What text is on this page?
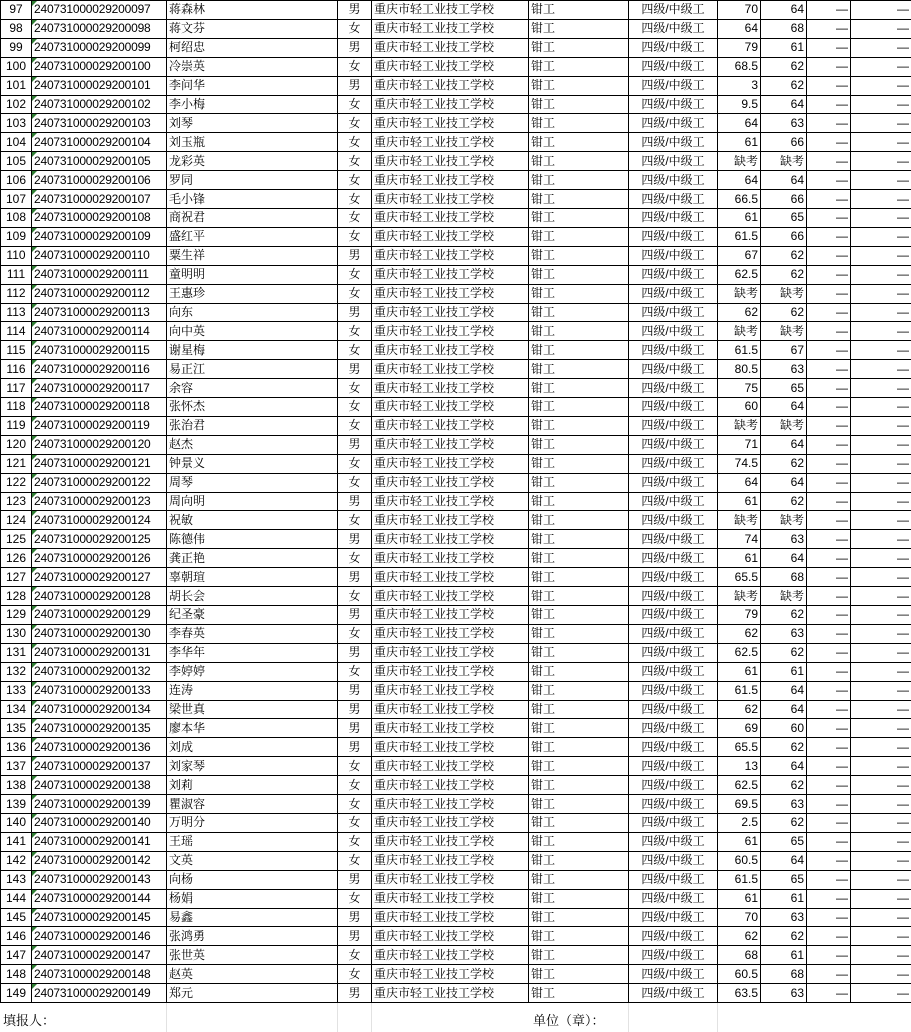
97	240731000029200097	蒋森林	男	重庆市轻工业技工学校	钳工	四级/中级工	70	64	—	—
98	240731000029200098	蒋文芬	女	重庆市轻工业技工学校	钳工	四级/中级工	64	68	—	—
99	240731000029200099	柯绍忠	男	重庆市轻工业技工学校	钳工	四级/中级工	79	61	—	—
100	240731000029200100	冷崇英	女	重庆市轻工业技工学校	钳工	四级/中级工	68.5	62	—	—
101	240731000029200101	李问华	男	重庆市轻工业技工学校	钳工	四级/中级工	3	62	—	—
102	240731000029200102	李小梅	女	重庆市轻工业技工学校	钳工	四级/中级工	9.5	64	—	—
103	240731000029200103	刘琴	女	重庆市轻工业技工学校	钳工	四级/中级工	64	63	—	—
104	240731000029200104	刘玉瓶	女	重庆市轻工业技工学校	钳工	四级/中级工	61	66	—	—
105	240731000029200105	龙彩英	女	重庆市轻工业技工学校	钳工	四级/中级工	缺考	缺考	—	—
106	240731000029200106	罗同	女	重庆市轻工业技工学校	钳工	四级/中级工	64	64	—	—
107	240731000029200107	毛小锋	女	重庆市轻工业技工学校	钳工	四级/中级工	66.5	66	—	—
108	240731000029200108	商祝君	女	重庆市轻工业技工学校	钳工	四级/中级工	61	65	—	—
109	240731000029200109	盛红平	女	重庆市轻工业技工学校	钳工	四级/中级工	61.5	66	—	—
110	240731000029200110	粟生祥	男	重庆市轻工业技工学校	钳工	四级/中级工	67	62	—	—
111	240731000029200111	童明明	女	重庆市轻工业技工学校	钳工	四级/中级工	62.5	62	—	—
112	240731000029200112	王惠珍	女	重庆市轻工业技工学校	钳工	四级/中级工	缺考	缺考	—	—
113	240731000029200113	向东	男	重庆市轻工业技工学校	钳工	四级/中级工	62	62	—	—
114	240731000029200114	向中英	女	重庆市轻工业技工学校	钳工	四级/中级工	缺考	缺考	—	—
115	240731000029200115	谢星梅	女	重庆市轻工业技工学校	钳工	四级/中级工	61.5	67	—	—
116	240731000029200116	易正江	男	重庆市轻工业技工学校	钳工	四级/中级工	80.5	63	—	—
117	240731000029200117	余容	女	重庆市轻工业技工学校	钳工	四级/中级工	75	65	—	—
118	240731000029200118	张怀杰	女	重庆市轻工业技工学校	钳工	四级/中级工	60	64	—	—
119	240731000029200119	张治君	女	重庆市轻工业技工学校	钳工	四级/中级工	缺考	缺考	—	—
120	240731000029200120	赵杰	男	重庆市轻工业技工学校	钳工	四级/中级工	71	64	—	—
121	240731000029200121	钟景义	女	重庆市轻工业技工学校	钳工	四级/中级工	74.5	62	—	—
122	240731000029200122	周琴	女	重庆市轻工业技工学校	钳工	四级/中级工	64	64	—	—
123	240731000029200123	周向明	男	重庆市轻工业技工学校	钳工	四级/中级工	61	62	—	—
124	240731000029200124	祝敏	女	重庆市轻工业技工学校	钳工	四级/中级工	缺考	缺考	—	—
125	240731000029200125	陈德伟	男	重庆市轻工业技工学校	钳工	四级/中级工	74	63	—	—
126	240731000029200126	龚正艳	女	重庆市轻工业技工学校	钳工	四级/中级工	61	64	—	—
127	240731000029200127	辜朝瑄	男	重庆市轻工业技工学校	钳工	四级/中级工	65.5	68	—	—
128	240731000029200128	胡长会	女	重庆市轻工业技工学校	钳工	四级/中级工	缺考	缺考	—	—
129	240731000029200129	纪圣豪	男	重庆市轻工业技工学校	钳工	四级/中级工	79	62	—	—
130	240731000029200130	李春英	女	重庆市轻工业技工学校	钳工	四级/中级工	62	63	—	—
131	240731000029200131	李华年	男	重庆市轻工业技工学校	钳工	四级/中级工	62.5	62	—	—
132	240731000029200132	李婷婷	女	重庆市轻工业技工学校	钳工	四级/中级工	61	61	—	—
133	240731000029200133	连涛	男	重庆市轻工业技工学校	钳工	四级/中级工	61.5	64	—	—
134	240731000029200134	梁世真	男	重庆市轻工业技工学校	钳工	四级/中级工	62	64	—	—
135	240731000029200135	廖本华	男	重庆市轻工业技工学校	钳工	四级/中级工	69	60	—	—
136	240731000029200136	刘成	男	重庆市轻工业技工学校	钳工	四级/中级工	65.5	62	—	—
137	240731000029200137	刘家琴	女	重庆市轻工业技工学校	钳工	四级/中级工	13	64	—	—
138	240731000029200138	刘莉	女	重庆市轻工业技工学校	钳工	四级/中级工	62.5	62	—	—
139	240731000029200139	瞿淑容	女	重庆市轻工业技工学校	钳工	四级/中级工	69.5	63	—	—
140	240731000029200140	万明分	女	重庆市轻工业技工学校	钳工	四级/中级工	2.5	62	—	—
141	240731000029200141	王瑶	女	重庆市轻工业技工学校	钳工	四级/中级工	61	65	—	—
142	240731000029200142	文英	女	重庆市轻工业技工学校	钳工	四级/中级工	60.5	64	—	—
143	240731000029200143	向杨	男	重庆市轻工业技工学校	钳工	四级/中级工	61.5	65	—	—
144	240731000029200144	杨娟	女	重庆市轻工业技工学校	钳工	四级/中级工	61	61	—	—
145	240731000029200145	易鑫	男	重庆市轻工业技工学校	钳工	四级/中级工	70	63	—	—
146	240731000029200146	张鸿勇	男	重庆市轻工业技工学校	钳工	四级/中级工	62	62	—	—
147	240731000029200147	张世英	女	重庆市轻工业技工学校	钳工	四级/中级工	68	61	—	—
148	240731000029200148	赵英	女	重庆市轻工业技工学校	钳工	四级/中级工	60.5	68	—	—
149	240731000029200149	郑元	男	重庆市轻工业技工学校	钳工	四级/中级工	63.5	63	—	—
填报人：	单位（章）：
